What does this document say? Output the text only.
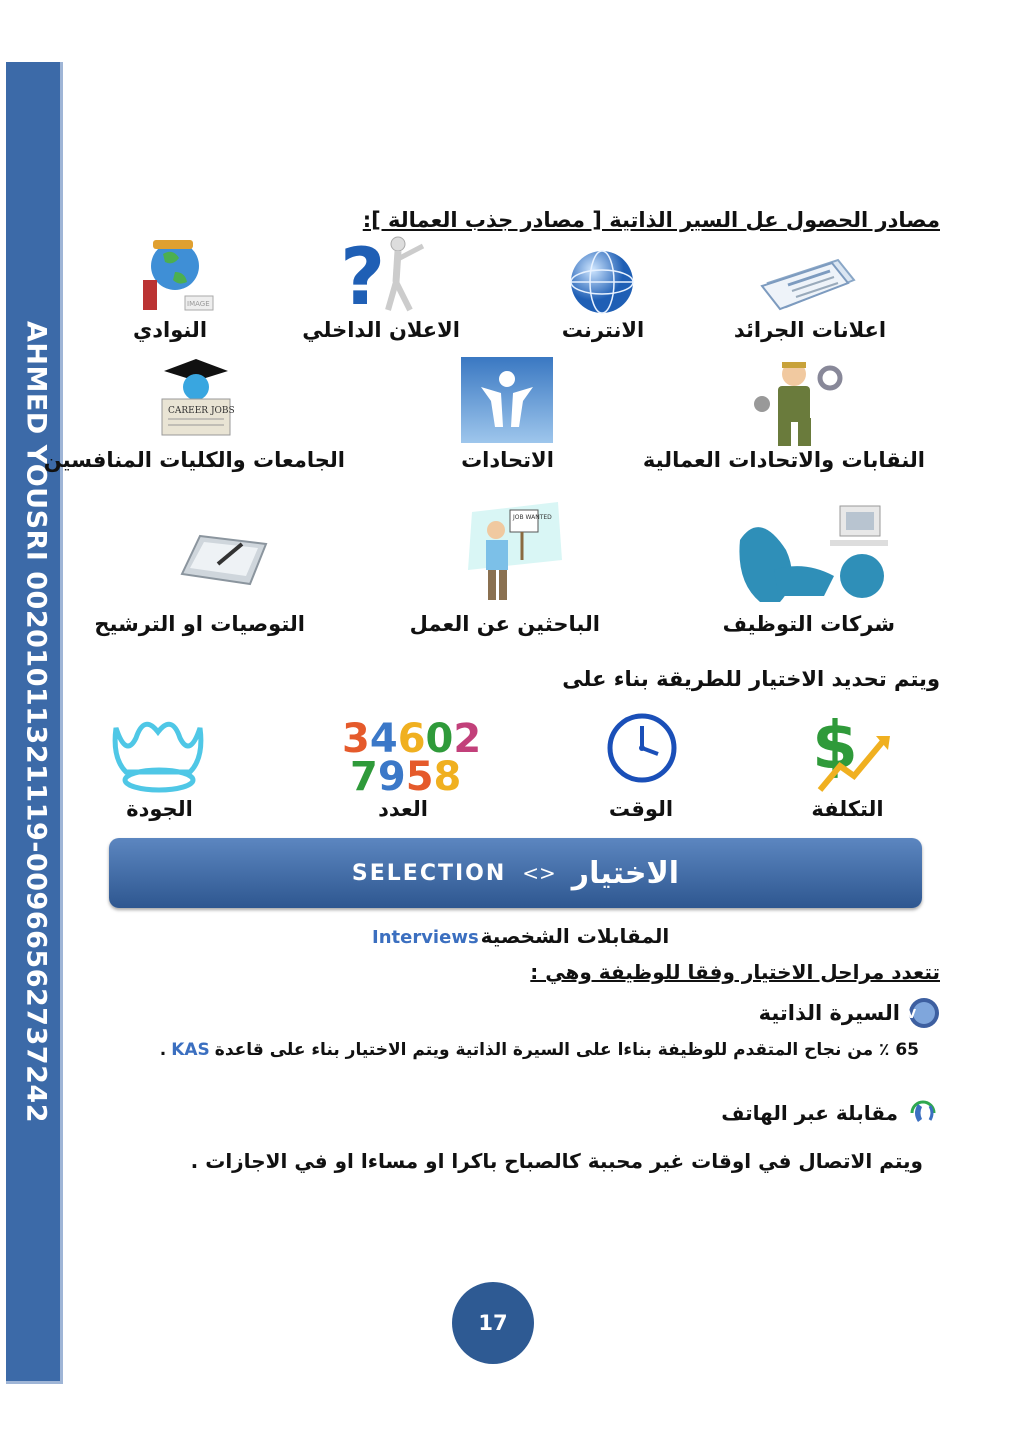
AHMED YOUSRI 00201011321119-00966562737242
مصادر الحصول عل السير الذاتية [ مصادر جذب العمالة ]:
?
IMAGE
اعلانات الجرائد
الانترنت
الاعلان الداخلي
النوادي
CAREER JOBS
النقابات والاتحادات العمالية
الاتحادات
الجامعات والكليات المنافسين
JOB WANTED
شركات التوظيف
الباحثين عن العمل
التوصيات او الترشيح
ويتم تحديد الاختيار للطريقة بناء على
$
34602
7958
التكلفة
الوقت
العدد
الجودة
SELECTION <> الاختيار
Interviews المقابلات الشخصية
تتعدد مراحل الاختيار وفقا للوظيفة وهي :
CV
السيرة الذاتية
65 ٪ من نجاح المتقدم للوظيفة بناءا على السيرة الذاتية ويتم الاختيار بناء على قاعدة
KAS
.
مقابلة عبر الهاتف
ويتم الاتصال في اوقات غير محببة كالصباح باكرا او مساءا او في الاجازات .
17
